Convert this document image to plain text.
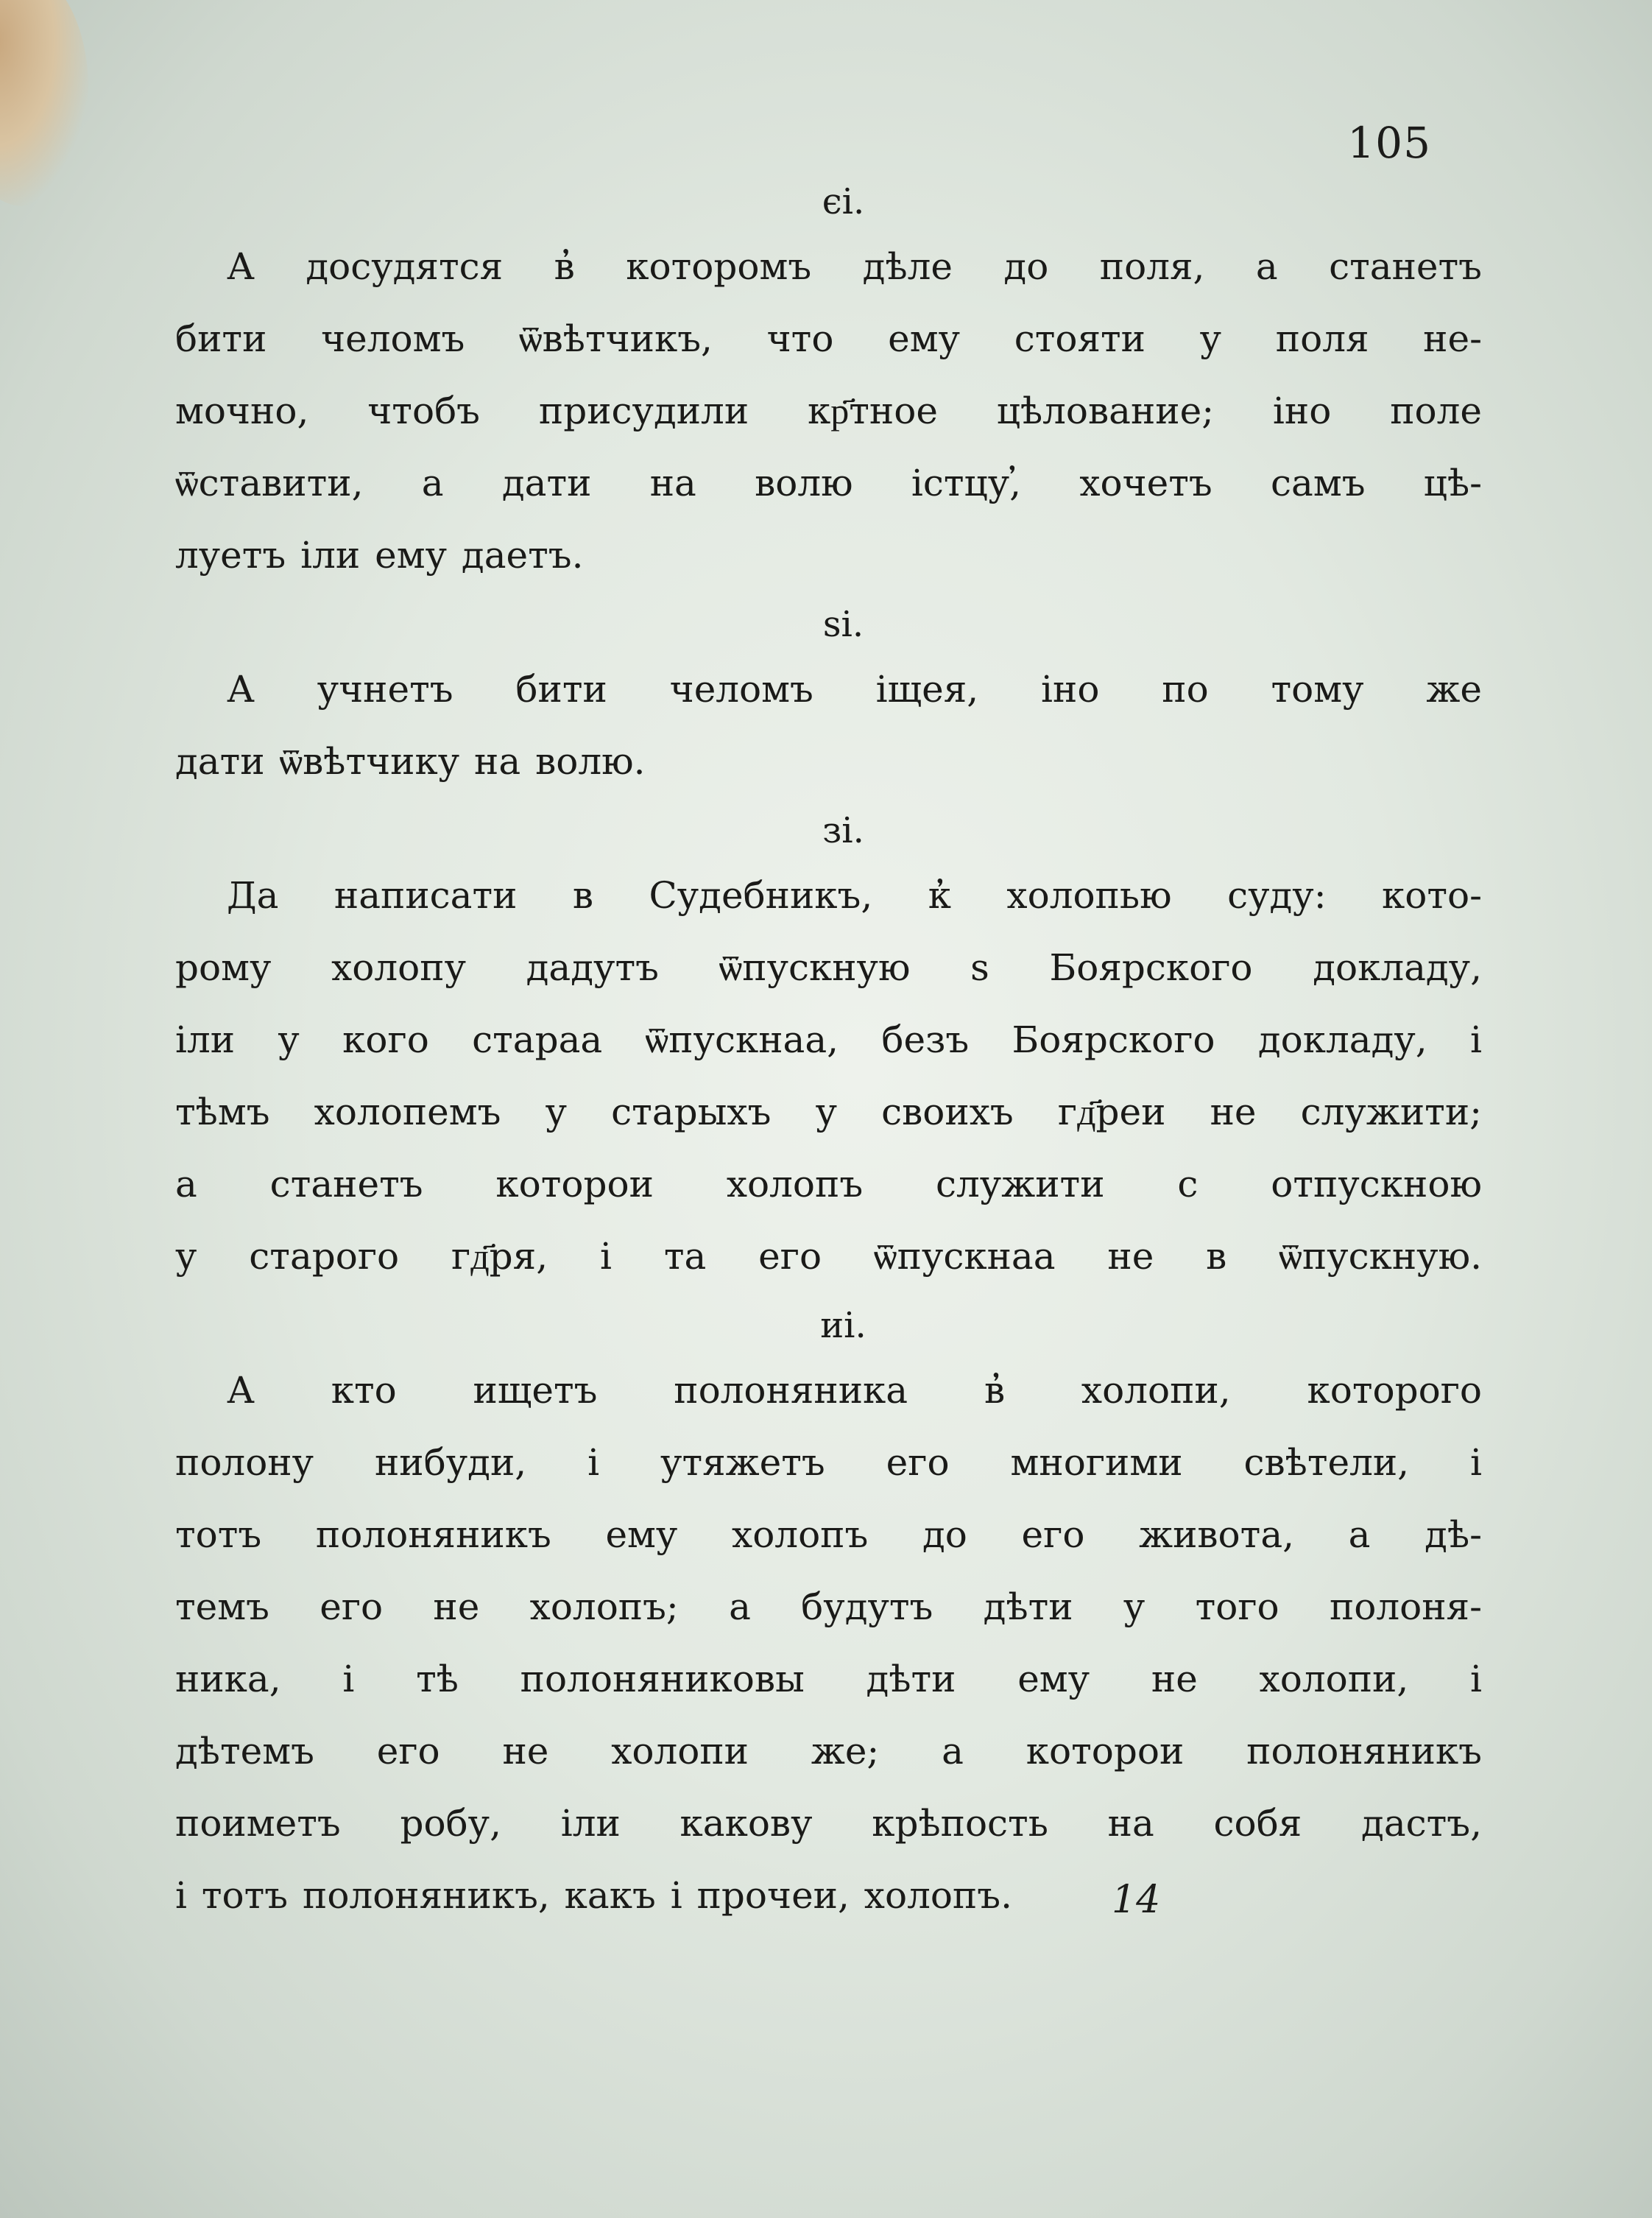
105
єі.
А досудятся в̓ которомъ дѣле до поля, а станетъ
бити челомъ ѿвѣтчикъ, что ему стояти у поля не-
мочно, чтобъ присудили кр҃тное цѣлование; іно поле
ѿставити, а дати на волю істцу,̓ хочетъ самъ цѣ-
луетъ іли ему даетъ.
ѕі.
А учнетъ бити челомъ іщея, іно по тому же
дати ѿвѣтчику на волю.
зі.
Да написати в Судебникъ, к̓ холопью суду: кото-
рому холопу дадутъ ѿпускную ѕ Боярского докладу,
іли у кого стараа ѿпускнаа, безъ Боярского докладу, і
тѣмъ холопемъ у старыхъ у своихъ гд҃реи не служити;
а станетъ которои холопъ служити с отпускною
у старого гд҃ря, і та его ѿпускнаа не в ѿпускную.
иі.
А кто ищетъ полоняника в̓ холопи, которого
полону нибуди, і утяжетъ его многими свѣтели, і
тотъ полоняникъ ему холопъ до его живота, а дѣ-
темъ его не холопъ; а будутъ дѣти у того полоня-
ника, і тѣ полоняниковы дѣти ему не холопи, і
дѣтемъ его не холопи же; а которои полоняникъ
поиметъ робу, іли какову крѣпость на собя дастъ,
і тотъ полоняникъ, какъ і прочеи, холопъ.	14
